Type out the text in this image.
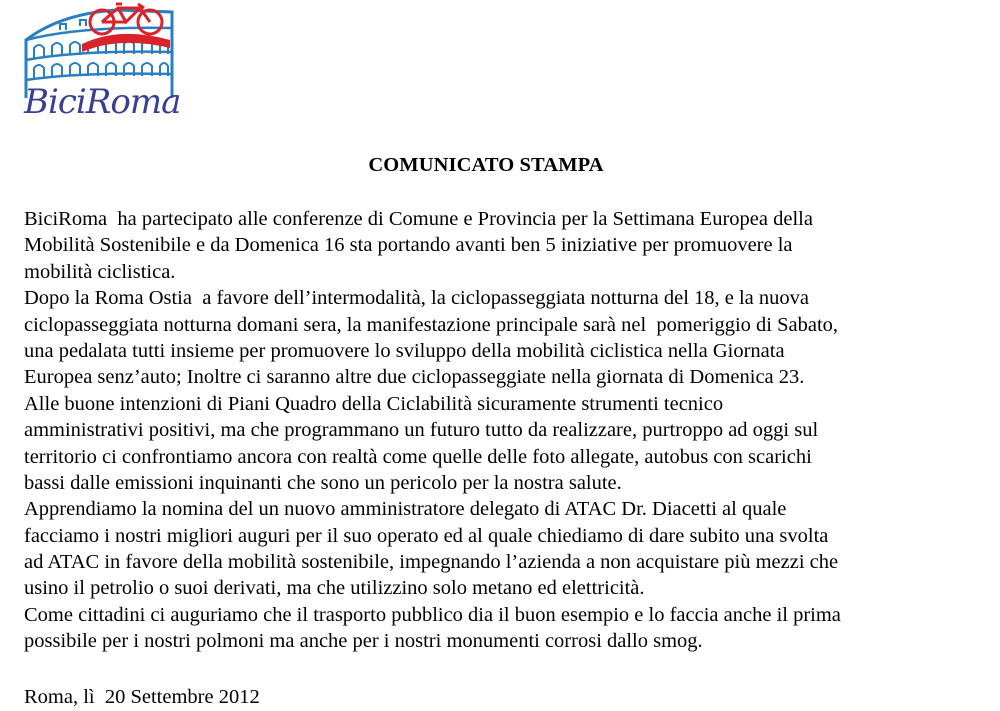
BiciRoma
COMUNICATO STAMPA
BiciRoma  ha partecipato alle conferenze di Comune e Provincia per la Settimana Europea della
Mobilità Sostenibile e da Domenica 16 sta portando avanti ben 5 iniziative per promuovere la
mobilità ciclistica.
Dopo la Roma Ostia  a favore dell’intermodalità, la ciclopasseggiata notturna del 18, e la nuova
ciclopasseggiata notturna domani sera, la manifestazione principale sarà nel  pomeriggio di Sabato,
una pedalata tutti insieme per promuovere lo sviluppo della mobilità ciclistica nella Giornata
Europea senz’auto; Inoltre ci saranno altre due ciclopasseggiate nella giornata di Domenica 23.
Alle buone intenzioni di Piani Quadro della Ciclabilità sicuramente strumenti tecnico
amministrativi positivi, ma che programmano un futuro tutto da realizzare, purtroppo ad oggi sul
territorio ci confrontiamo ancora con realtà come quelle delle foto allegate, autobus con scarichi
bassi dalle emissioni inquinanti che sono un pericolo per la nostra salute.
Apprendiamo la nomina del un nuovo amministratore delegato di ATAC Dr. Diacetti al quale
facciamo i nostri migliori auguri per il suo operato ed al quale chiediamo di dare subito una svolta
ad ATAC in favore della mobilità sostenibile, impegnando l’azienda a non acquistare più mezzi che
usino il petrolio o suoi derivati, ma che utilizzino solo metano ed elettricità.
Come cittadini ci auguriamo che il trasporto pubblico dia il buon esempio e lo faccia anche il prima
possibile per i nostri polmoni ma anche per i nostri monumenti corrosi dallo smog.

Roma, lì  20 Settembre 2012
